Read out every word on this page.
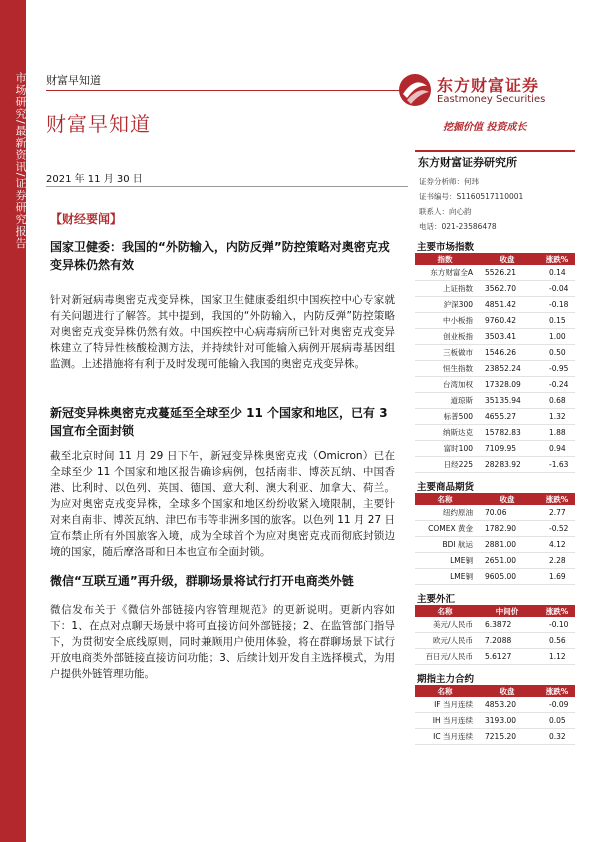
市场研究/最新资讯/证券研究报告 财富早知道
财富早知道
东方财富证券
Eastmoney Securities
挖掘价值 投资成长
2021 年 11 月 30 日
【财经要闻】
国家卫健委：我国的“外防输入，内防反弹”防控策略对奥密克戎变异株仍然有效
针对新冠病毒奥密克戎变异株，国家卫生健康委组织中国疾控中心专家就有关问题进行了解答。其中提到，我国的“外防输入，内防反弹”防控策略对奥密克戎变异株仍然有效。中国疾控中心病毒病所已针对奥密克戎变异株建立了特异性核酸检测方法，并持续针对可能输入病例开展病毒基因组监测。上述措施将有利于及时发现可能输入我国的奥密克戎变异株。
新冠变异株奥密克戎蔓延至全球至少 11 个国家和地区，已有 3 国宣布全面封锁
截至北京时间 11 月 29 日下午，新冠变异株奥密克戎（Omicron）已在全球至少 11 个国家和地区报告确诊病例，包括南非、博茨瓦纳、中国香港、比利时、以色列、英国、德国、意大利、澳大利亚、加拿大、荷兰。为应对奥密克戎变异株，全球多个国家和地区纷纷收紧入境限制，主要针对来自南非、博茨瓦纳、津巴布韦等非洲多国的旅客。以色列 11 月 27 日宣布禁止所有外国旅客入境，成为全球首个为应对奥密克戎而彻底封锁边境的国家，随后摩洛哥和日本也宣布全面封锁。
微信“互联互通”再升级，群聊场景将试行打开电商类外链
微信发布关于《微信外部链接内容管理规范》的更新说明。更新内容如下：1、在点对点聊天场景中将可直接访问外部链接；2、在监管部门指导下，为贯彻安全底线原则，同时兼顾用户使用体验，将在群聊场景下试行开放电商类外部链接直接访问功能；3、后续计划开发自主选择模式，为用户提供外链管理功能。
东方财富证券研究所
证券分析师：何玮
证书编号：S1160517110001
联系人：向心韵
电话：021-23586478
主要市场指数
指数	收盘	涨跌%
东方财富全A	5526.21	0.14
上证指数	3562.70	-0.04
沪深300	4851.42	-0.18
中小板指	9760.42	0.15
创业板指	3503.41	1.00
三板做市	1546.26	0.50
恒生指数	23852.24	-0.95
台湾加权	17328.09	-0.24
道琼斯	35135.94	0.68
标普500	4655.27	1.32
纳斯达克	15782.83	1.88
富时100	7109.95	0.94
日经225	28283.92	-1.63
主要商品期货
名称	收盘	涨跌%
纽约原油	70.06	2.77
COMEX 黄金	1782.90	-0.52
BDI 航运	2881.00	4.12
LME铜	2651.00	2.28
LME铜	9605.00	1.69
主要外汇
名称	中间价	涨跌%
美元/人民币	6.3872	-0.10
欧元/人民币	7.2088	0.56
百日元/人民币	5.6127	1.12
期指主力合约
名称	收盘	涨跌%
IF 当月连续	4853.20	-0.09
IH 当月连续	3193.00	0.05
IC 当月连续	7215.20	0.32
